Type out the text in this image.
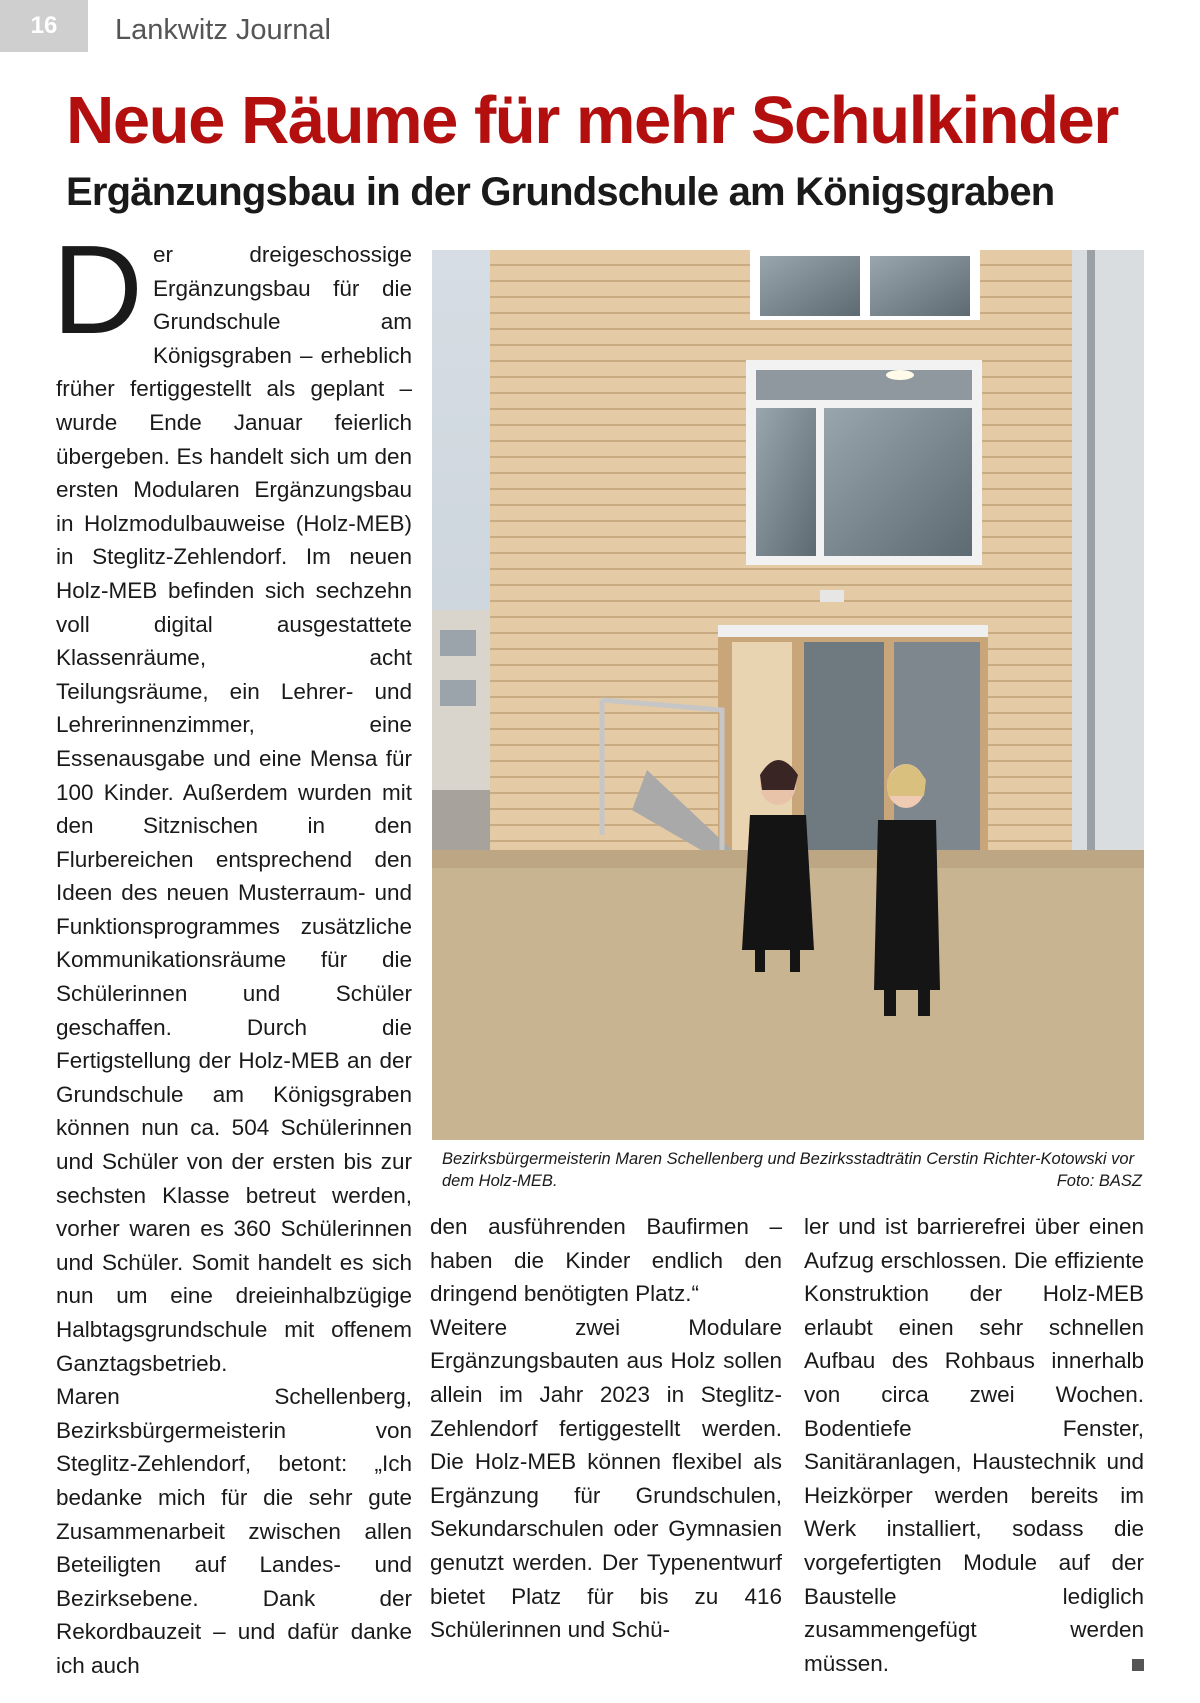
16	Lankwitz Journal
Neue Räume für mehr Schulkinder
Ergänzungsbau in der Grundschule am Königsgraben
D er dreigeschossige Ergänzungsbau für die Grundschule am Königsgraben – erheblich früher fertiggestellt als geplant – wurde Ende Januar feierlich übergeben. Es handelt sich um den ersten Modularen Ergänzungsbau in Holzmodulbauweise (Holz-MEB) in Steglitz-Zehlendorf. Im neuen Holz-MEB befinden sich sechzehn voll digital ausgestattete Klassenräume, acht Teilungsräume, ein Lehrer- und Lehrerinnenzimmer, eine Essenausgabe und eine Mensa für 100 Kinder. Außerdem wurden mit den Sitznischen in den Flurbereichen entsprechend den Ideen des neuen Musterraum- und Funktionsprogrammes zusätzliche Kommunikationsräume für die Schülerinnen und Schüler geschaffen. Durch die Fertigstellung der Holz-MEB an der Grundschule am Königsgraben können nun ca. 504 Schülerinnen und Schüler von der ersten bis zur sechsten Klasse betreut werden, vorher waren es 360 Schülerinnen und Schüler. Somit handelt es sich nun um eine dreieinhalbzügige Halbtagsgrundschule mit offenem Ganztagsbetrieb.

Maren Schellenberg, Bezirksbürgermeisterin von Steglitz-Zehlendorf, betont: „Ich bedanke mich für die sehr gute Zusammenarbeit zwischen allen Beteiligten auf Landes- und Bezirksebene. Dank der Rekordbauzeit – und dafür danke ich auch

Bezirksbürgermeisterin Maren Schellenberg und Bezirksstadträtin Cerstin Richter-Kotowski vor dem Holz-MEB.	Foto: BASZ

den ausführenden Baufirmen – haben die Kinder endlich den dringend benötigten Platz.“

Weitere zwei Modulare Ergänzungsbauten aus Holz sollen allein im Jahr 2023 in Steglitz-Zehlendorf fertiggestellt werden. Die Holz-MEB können flexibel als Ergänzung für Grundschulen, Sekundarschulen oder Gymnasien genutzt werden. Der Typenentwurf bietet Platz für bis zu 416 Schülerinnen und Schü-

ler und ist barrierefrei über einen Aufzug erschlossen. Die effiziente Konstruktion der Holz-MEB erlaubt einen sehr schnellen Aufbau des Rohbaus innerhalb von circa zwei Wochen. Bodentiefe Fenster, Sanitäranlagen, Haustechnik und Heizkörper werden bereits im Werk installiert, sodass die vorgefertigten Module auf der Baustelle lediglich zusammengefügt werden müssen.
